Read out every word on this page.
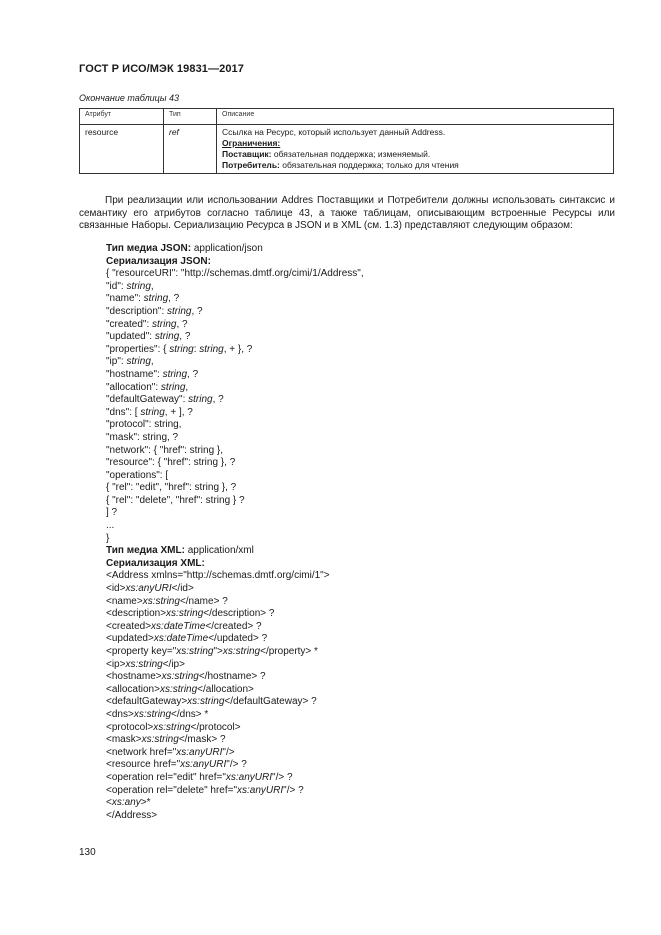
ГОСТ Р ИСО/МЭК 19831—2017
Окончание таблицы 43
Атрибут	Тип	Описание
resource	ref	Ссылка на Ресурс, который использует данный Address.
Ограничения:
Поставщик: обязательная поддержка; изменяемый.
Потребитель: обязательная поддержка; только для чтения
При реализации или использовании Addres Поставщики и Потребители должны использовать синтаксис и семантику его атрибутов согласно таблице 43, а также таблицам, описывающим встроенные Ресурсы или связанные Наборы. Сериализацию Ресурса в JSON и в XML (см. 1.3) представляют следующим образом:
Тип медиа JSON: application/json
Сериализация JSON:
{ "resourceURI": "http://schemas.dmtf.org/cimi/1/Address",
"id": string,
"name": string, ?
"description": string, ?
"created": string, ?
"updated": string, ?
"properties": { string: string, + }, ?
"ip": string,
"hostname": string, ?
"allocation": string,
"defaultGateway": string, ?
"dns": [ string, + ], ?
"protocol": string,
"mask": string, ?
"network": { "href": string },
"resource": { "href": string }, ?
"operations": [
{ "rel": "edit", "href": string }, ?
{ "rel": "delete", "href": string } ?
] ?
...
}
Тип медиа XML: application/xml
Сериализация XML:
<Address xmlns="http://schemas.dmtf.org/cimi/1">
<id>xs:anyURI</id>
<name>xs:string</name> ?
<description>xs:string</description> ?
<created>xs:dateTime</created> ?
<updated>xs:dateTime</updated> ?
<property key="xs:string">xs:string</property> *
<ip>xs:string</ip>
<hostname>xs:string</hostname> ?
<allocation>xs:string</allocation>
<defaultGateway>xs:string</defaultGateway> ?
<dns>xs:string</dns> *
<protocol>xs:string</protocol>
<mask>xs:string</mask> ?
<network href="xs:anyURI"/>
<resource href="xs:anyURI"/> ?
<operation rel="edit" href="xs:anyURI"/> ?
<operation rel="delete" href="xs:anyURI"/> ?
<xs:any>*
</Address>
130
